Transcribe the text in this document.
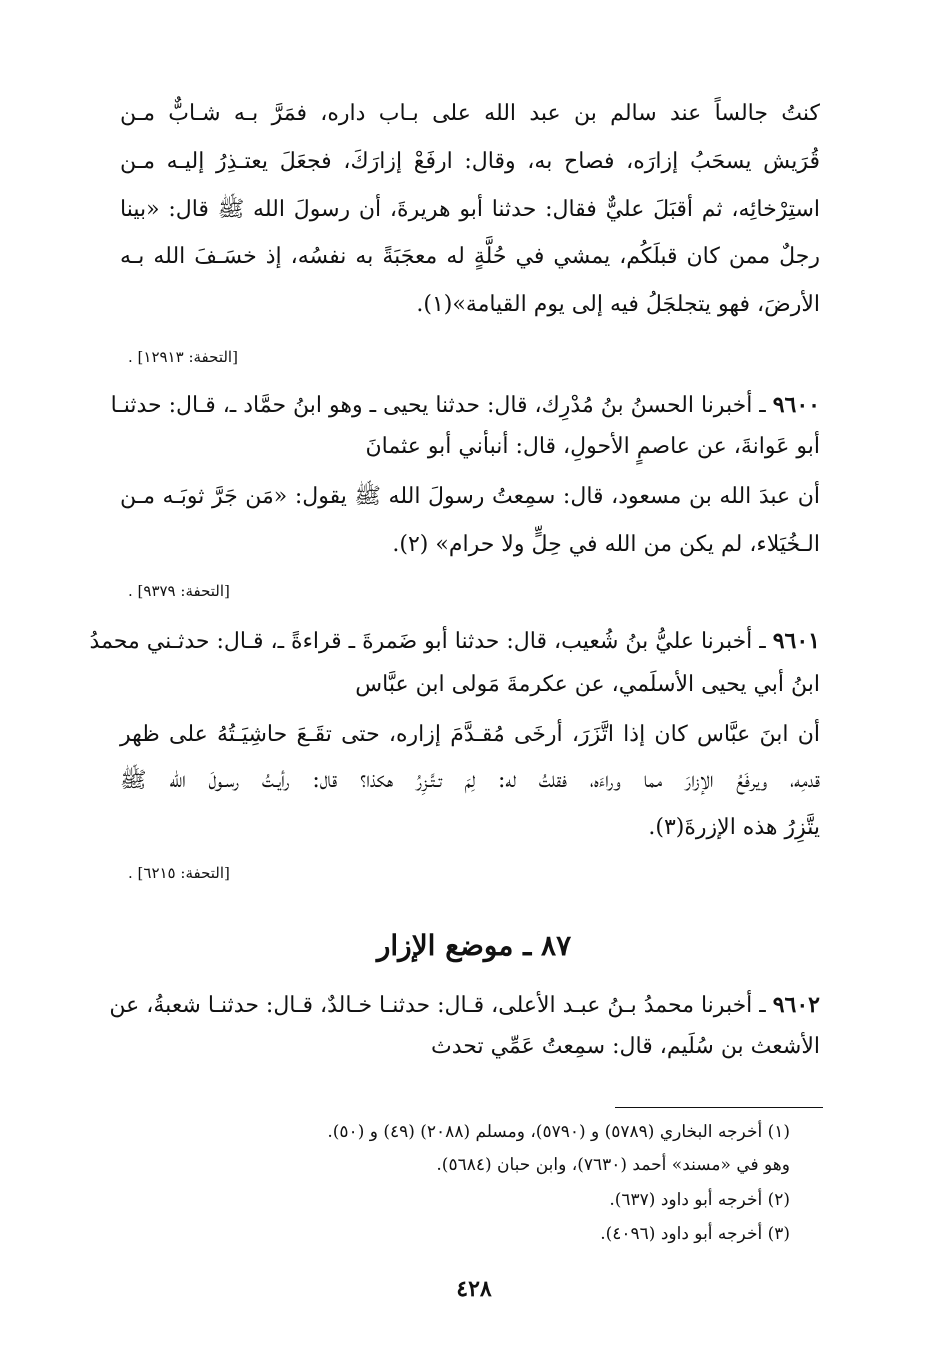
كنتُ جالساً عند سالم بن عبد الله على بـاب داره، فمَرَّ بـه شـابٌّ مـن
قُرَيش يسحَبُ إزارَه، فصاح به، وقال: ارفَعْ إزارَكَ، فجعَلَ يعتـذِرُ إليـه مـن
استِرْخائِه، ثم أقبَلَ عليٌّ فقال: حدثنا أبو هريرةَ، أن رسولَ الله ﷺ قال: «بينا
رجلٌ ممن كان قبلَكُم، يمشي في حُلَّةٍ له معجَبَةً به نفسُه، إذ خسَـفَ الله بـه
الأرضَ، فهو يتجلجَلُ فيه إلى يوم القيامة»(١).
[التحفة: ١٢٩١٣] .
٩٦٠٠ ـ أخبرنا الحسنُ بنُ مُدْرِك، قال: حدثنا يحيى ـ وهو ابنُ حمَّاد ـ، قـال: حدثنـا
أبو عَوانةَ، عن عاصمٍ الأحولِ، قال: أنبأني أبو عثمانَ
أن عبدَ الله بن مسعود، قال: سمِعتُ رسولَ الله ﷺ يقول: «مَن جَرَّ ثوبَـه مـن
الـخُيَلاء، لم يكن من الله في حِلٍّ ولا حرام» (٢).
[التحفة: ٩٣٧٩] .
٩٦٠١ ـ أخبرنا عليُّ بنُ شُعيب، قال: حدثنا أبو ضَمرةَ ـ قراءةً ـ، قـال: حدثـني محمدُ
ابنُ أبي يحيى الأسلَمي، عن عكرمةَ مَولى ابن عبَّاس
أن ابنَ عبَّاس كان إذا اتَّزَرَ، أرخَى مُقـدَّمَ إزاره، حتى تقَـعَ حاشِيَـتُهُ على ظهر
قدمِه، ويرفَعُ الإزارَ مما وراءَه، فقلتُ له: لِمَ تـتَّـزِرُ هكذا؟ قال: رأيـتُ رسـولَ الله ﷺ
يتَّزِرُ هذه الإزرةَ(٣).
[التحفة: ٦٢١٥] .
٨٧ ـ موضع الإزار
٩٦٠٢ ـ أخبرنا محمدُ بـنُ عبـد الأعلى، قـال: حدثنـا خـالدٌ، قـال: حدثنـا شعبةُ، عن
الأشعث بن سُلَيم، قال: سمِعتُ عَمِّي تحدث
(١) أخرجه البخاري (٥٧٨٩) و (٥٧٩٠)، ومسلم (٢٠٨٨) (٤٩) و (٥٠).
وهو في «مسند» أحمد (٧٦٣٠)، وابن حبان (٥٦٨٤).
(٢) أخرجه أبو داود (٦٣٧).
(٣) أخرجه أبو داود (٤٠٩٦).
٤٢٨
